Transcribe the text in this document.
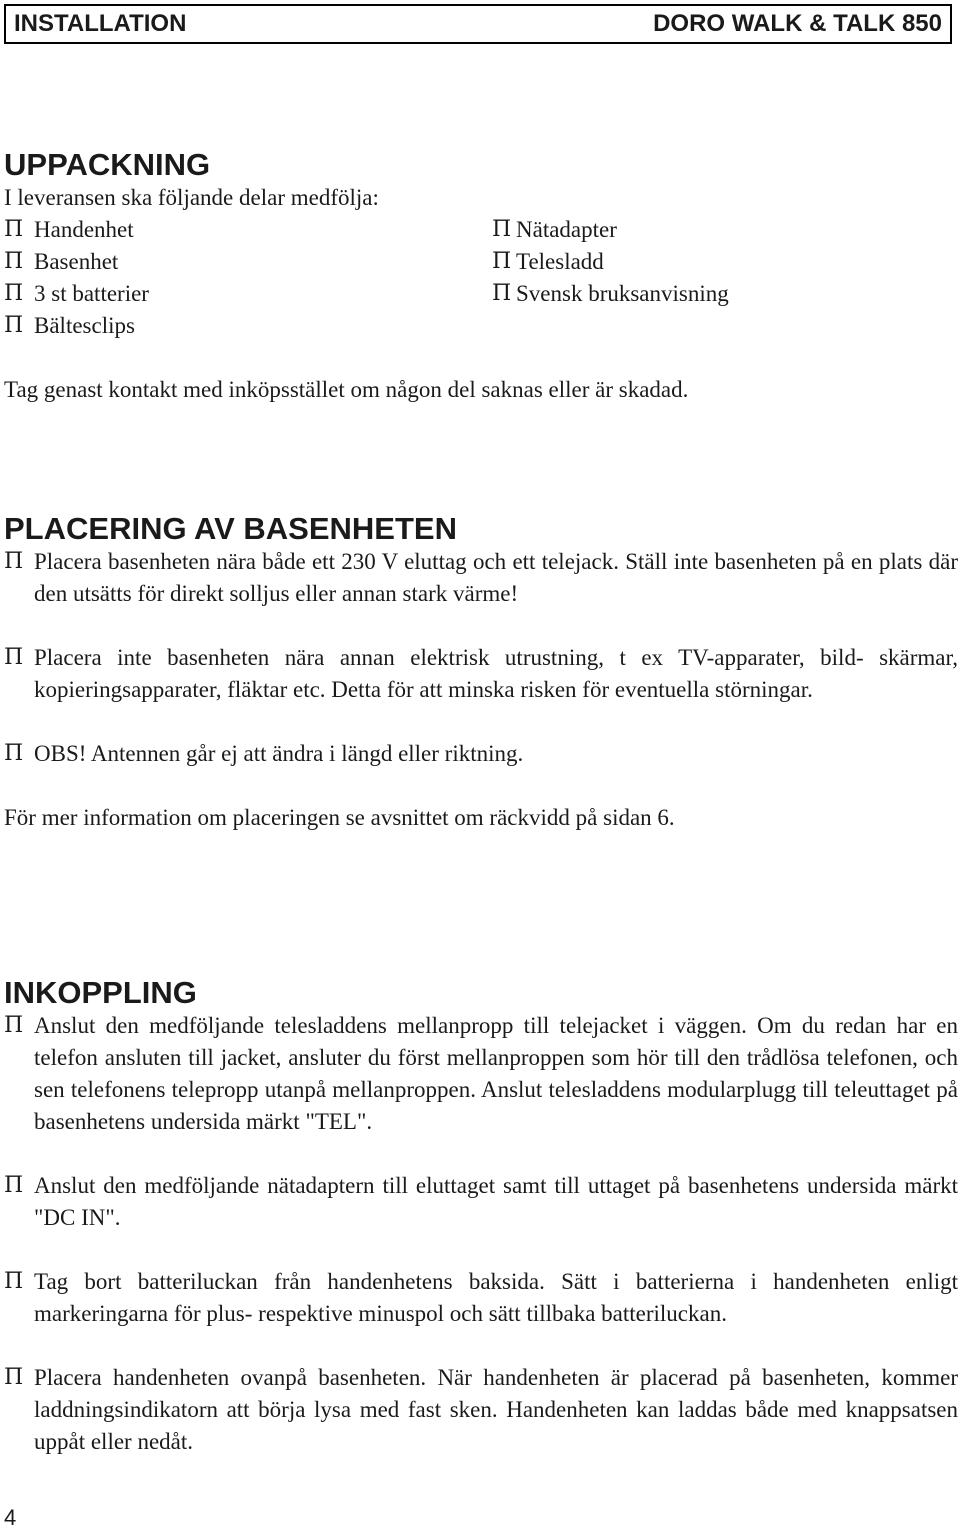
INSTALLATION	DORO WALK & TALK 850
UPPACKNING

I leveransen ska följande delar medfölja:

Π Handenhet
Π Basenhet
Π 3 st batterier
Π Bältesclips
Π Nätadapter
Π Telesladd
Π Svensk bruksanvisning

Tag genast kontakt med inköpsstället om någon del saknas eller är skadad.

PLACERING AV BASENHETEN
Π Placera basenheten nära både ett 230 V eluttag och ett telejack. Ställ inte basenheten på en plats där den utsätts för direkt solljus eller annan stark värme!
Π Placera inte basenheten nära annan elektrisk utrustning, t ex TV-apparater, bild- skärmar, kopieringsapparater, fläktar etc. Detta för att minska risken för eventuella störningar.
Π OBS! Antennen går ej att ändra i längd eller riktning.

För mer information om placeringen se avsnittet om räckvidd på sidan 6.

INKOPPLING
Π Anslut den medföljande telesladdens mellanpropp till telejacket i väggen. Om du redan har en telefon ansluten till jacket, ansluter du först mellanproppen som hör till den trådlösa telefonen, och sen telefonens telepropp utanpå mellanproppen. Anslut telesladdens modularplugg till teleuttaget på basenhetens undersida märkt "TEL".
Π Anslut den medföljande nätadaptern till eluttaget samt till uttaget på basenhetens undersida märkt "DC IN".
Π Tag bort batteriluckan från handenhetens baksida. Sätt i batterierna i handenheten enligt markeringarna för plus- respektive minuspol och sätt tillbaka batteriluckan.
Π Placera handenheten ovanpå basenheten. När handenheten är placerad på basenheten, kommer laddningsindikatorn att börja lysa med fast sken. Handenheten kan laddas både med knappsatsen uppåt eller nedåt.
4
